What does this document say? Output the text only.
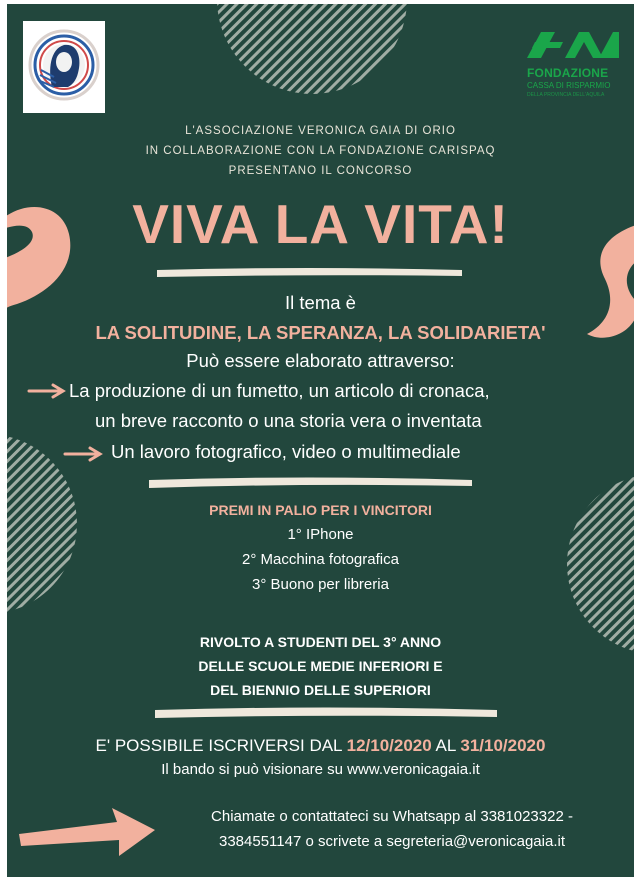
FONDAZIONE
CASSA DI RISPARMIO
DELLA PROVINCIA DELL'AQUILA
L'ASSOCIAZIONE VERONICA GAIA DI ORIO
IN COLLABORAZIONE CON LA FONDAZIONE CARISPAQ
PRESENTANO IL CONCORSO
VIVA LA VITA!
Il tema è
LA SOLITUDINE, LA SPERANZA, LA SOLIDARIETA'
Può essere elaborato attraverso:
La produzione di un fumetto, un articolo di cronaca,
un breve racconto o una storia vera o inventata
Un lavoro fotografico, video o multimediale
PREMI IN PALIO PER I VINCITORI
1° IPhone
2° Macchina fotografica
3° Buono per libreria
RIVOLTO A STUDENTI DEL 3° ANNO
DELLE SCUOLE MEDIE INFERIORI E
DEL BIENNIO DELLE SUPERIORI
E' POSSIBILE ISCRIVERSI DAL 12/10/2020 AL 31/10/2020
Il bando si può visionare su www.veronicagaia.it
Chiamate o contattateci su Whatsapp al 3381023322 -
3384551147 o scrivete a segreteria@veronicagaia.it
